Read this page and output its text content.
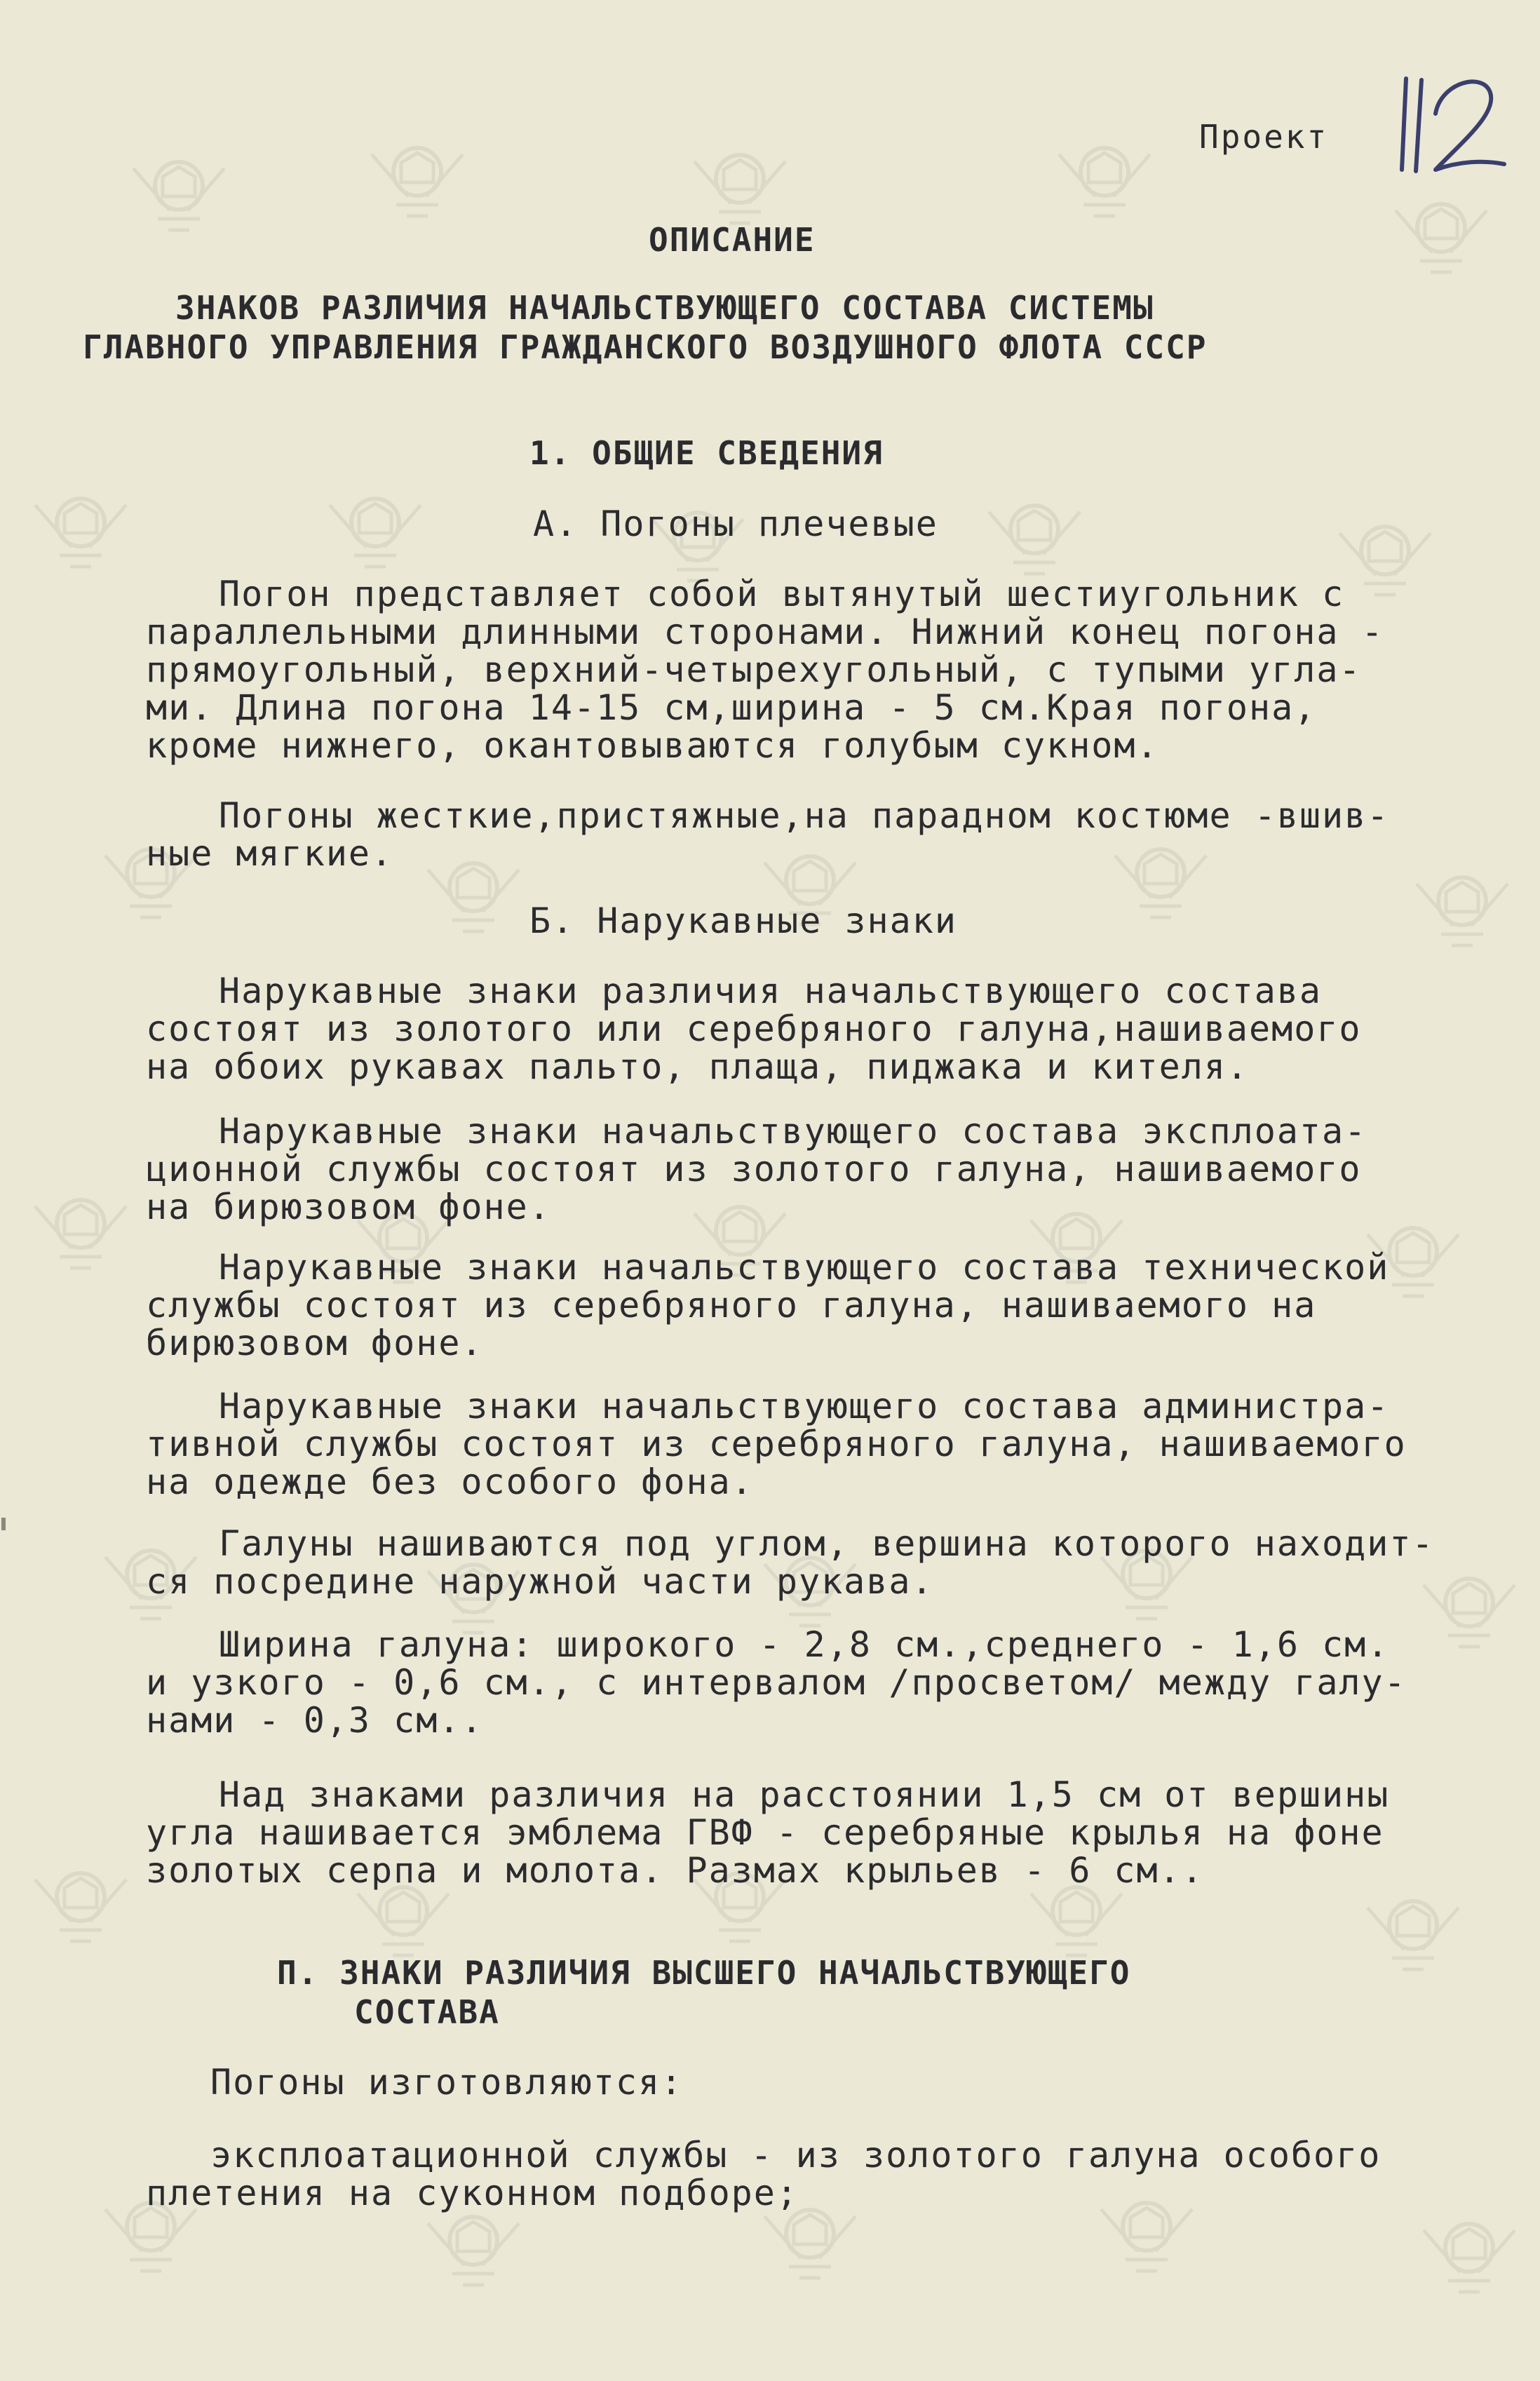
Проект
ОПИСАНИЕ
ЗНАКОВ РАЗЛИЧИЯ НАЧАЛЬСТВУЮЩЕГО СОСТАВА СИСТЕМЫ
ГЛАВНОГО УПРАВЛЕНИЯ ГРАЖДАНСКОГО ВОЗДУШНОГО ФЛОТА СССР
1. ОБЩИЕ СВЕДЕНИЯ
А. Погоны плечевые
Погон представляет собой вытянутый шестиугольник с
параллельными длинными сторонами. Нижний конец погона -
прямоугольный, верхний-четырехугольный, с тупыми угла-
ми. Длина погона 14-15 см,ширина - 5 см.Края погона,
кроме нижнего, окантовываются голубым сукном.
Погоны жесткие,пристяжные,на парадном костюме -вшив-
ные мягкие.
Б. Нарукавные знаки
Нарукавные знаки различия начальствующего состава
состоят из золотого или серебряного галуна,нашиваемого
на обоих рукавах пальто, плаща, пиджака и кителя.
Нарукавные знаки начальствующего состава эксплоата-
ционной службы состоят из золотого галуна, нашиваемого
на бирюзовом фоне.
Нарукавные знаки начальствующего состава технической
службы состоят из серебряного галуна, нашиваемого на
бирюзовом фоне.
Нарукавные знаки начальствующего состава администра-
тивной службы состоят из серебряного галуна, нашиваемого
на одежде без особого фона.
Галуны нашиваются под углом, вершина которого находит-
ся посредине наружной части рукава.
Ширина галуна: широкого - 2,8 см.,среднего - 1,6 см.
и узкого - 0,6 см., с интервалом /просветом/ между галу-
нами - 0,3 см..
Над знаками различия на расстоянии 1,5 см от вершины
угла нашивается эмблема ГВФ - серебряные крылья на фоне
золотых серпа и молота. Размах крыльев - 6 см..
П. ЗНАКИ РАЗЛИЧИЯ ВЫСШЕГО НАЧАЛЬСТВУЮЩЕГО
СОСТАВА
Погоны изготовляются:
эксплоатационной службы - из золотого галуна особого
плетения на суконном подборе;
